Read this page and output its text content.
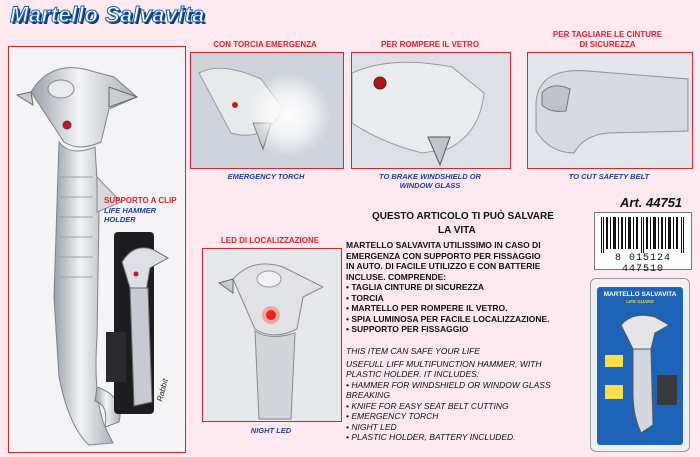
Martello Salvavita
SUPPORTO A CLIP
LIFE HAMMER HOLDER
Rabbit
CON TORCIA EMERGENZA
EMERGENCY TORCH
PER ROMPERE IL VETRO
TO BRAKE WINDSHIELD OR
WINDOW GLASS
PER TAGLIARE LE CINTURE
DI SICUREZZA
TO CUT SAFETY BELT
LED DI LOCALIZZAZIONE
NIGHT LED
QUESTO ARTICOLO TI PUÒ SALVARE
LA VITA
MARTELLO SALVAVITA UTILISSIMO IN CASO DI
EMERGENZA CON SUPPORTO PER FISSAGGIO
IN AUTO. DI FACILE UTILIZZO E CON BATTERIE
INCLUSE. COMPRENDE:
• TAGLIA CINTURE DI SICUREZZA
• TORCIA
• MARTELLO PER ROMPERE IL VETRO.
• SPIA LUMINOSA PER FACILE LOCALIZZAZIONE.
• SUPPORTO PER FISSAGGIO
THIS ITEM CAN SAFE YOUR LIFE
USEFULL LIFF MULTIFUNCTION HAMMER, WITH
PLASTIC HOLDER. IT INCLUDES:
• HAMMER FOR WINDSHIELD OR WINDOW GLASS
BREAKING
• KNIFE FOR EASY SEAT BELT CUTTING
• EMERGENCY TORCH
• NIGHT LED
• PLASTIC HOLDER, BATTERY INCLUDED.
Art. 44751
8 015124 447510
MARTELLO SALVAVITA
LIFE GUARD
